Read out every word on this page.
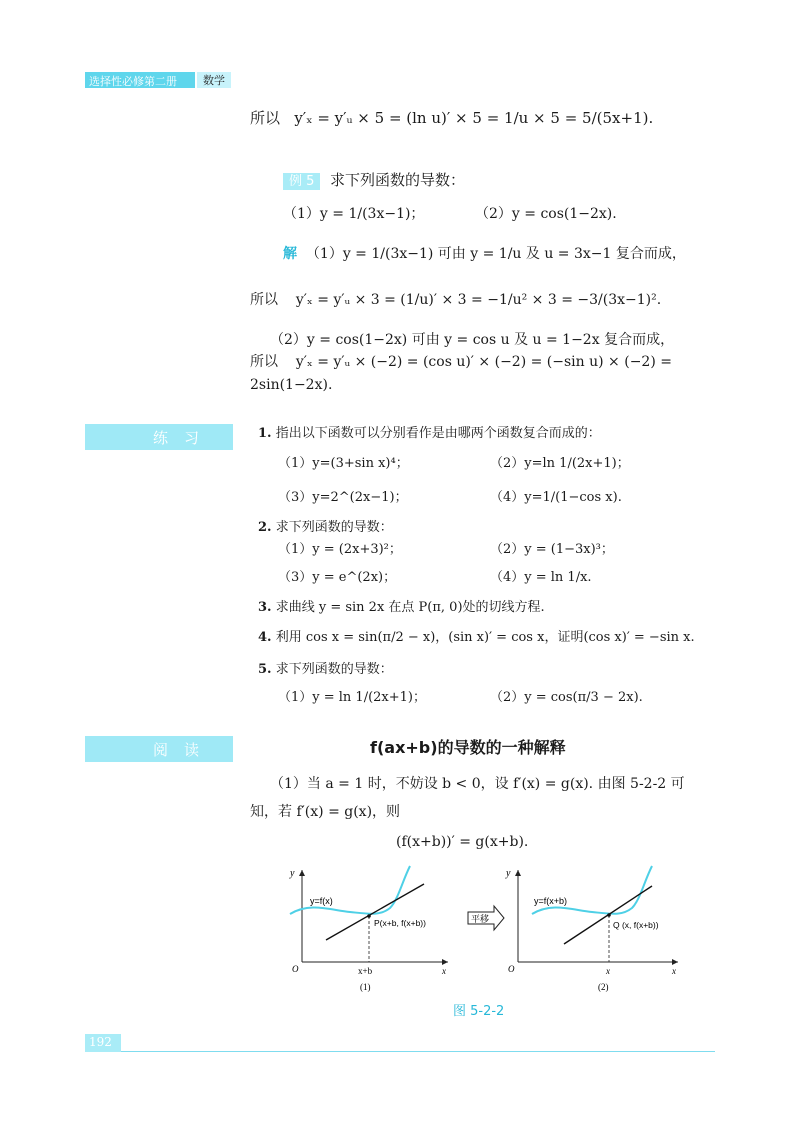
选择性必修第二册	数学
所以 y′ₓ = y′ᵤ × 5 = (ln u)′ × 5 = 1/u × 5 = 5/(5x+1).
例 5 求下列函数的导数：
（1）y = 1/(3x−1)；	（2）y = cos(1−2x).
解 （1）y = 1/(3x−1) 可由 y = 1/u 及 u = 3x−1 复合而成，
所以 y′ₓ = y′ᵤ × 3 = (1/u)′ × 3 = −1/u² × 3 = −3/(3x−1)².
（2）y = cos(1−2x) 可由 y = cos u 及 u = 1−2x 复合而成，
所以 y′ₓ = y′ᵤ × (−2) = (cos u)′ × (−2) = (−sin u) × (−2) =
2sin(1−2x).
练习	1. 指出以下函数可以分别看作是由哪两个函数复合而成的：
（1）y=(3+sin x)⁴；	（2）y=ln 1/(2x+1)；
（3）y=2^(2x−1)；	（4）y=1/(1−cos x).
2. 求下列函数的导数：
（1）y = (2x+3)²；	（2）y = (1−3x)³；
（3）y = e^(2x)；	（4）y = ln 1/x.
3. 求曲线 y = sin 2x 在点 P(π, 0)处的切线方程.
4. 利用 cos x = sin(π/2 − x)，(sin x)′ = cos x，证明(cos x)′ = −sin x.
5. 求下列函数的导数：
（1）y = ln 1/(2x+1)；	（2）y = cos(π/3 − 2x).
阅读	f(ax+b)的导数的一种解释
（1）当 a = 1 时，不妨设 b < 0，设 f′(x) = g(x). 由图 5-2-2 可
知，若 f′(x) = g(x)，则
(f(x+b))′ = g(x+b).
y
y=f(x)
P(x+b, f(x+b))
O	x+b	x
(1)
平移
y
y=f(x+b)
Q (x, f(x+b))
O	x	x
(2)
图 5-2-2
192
